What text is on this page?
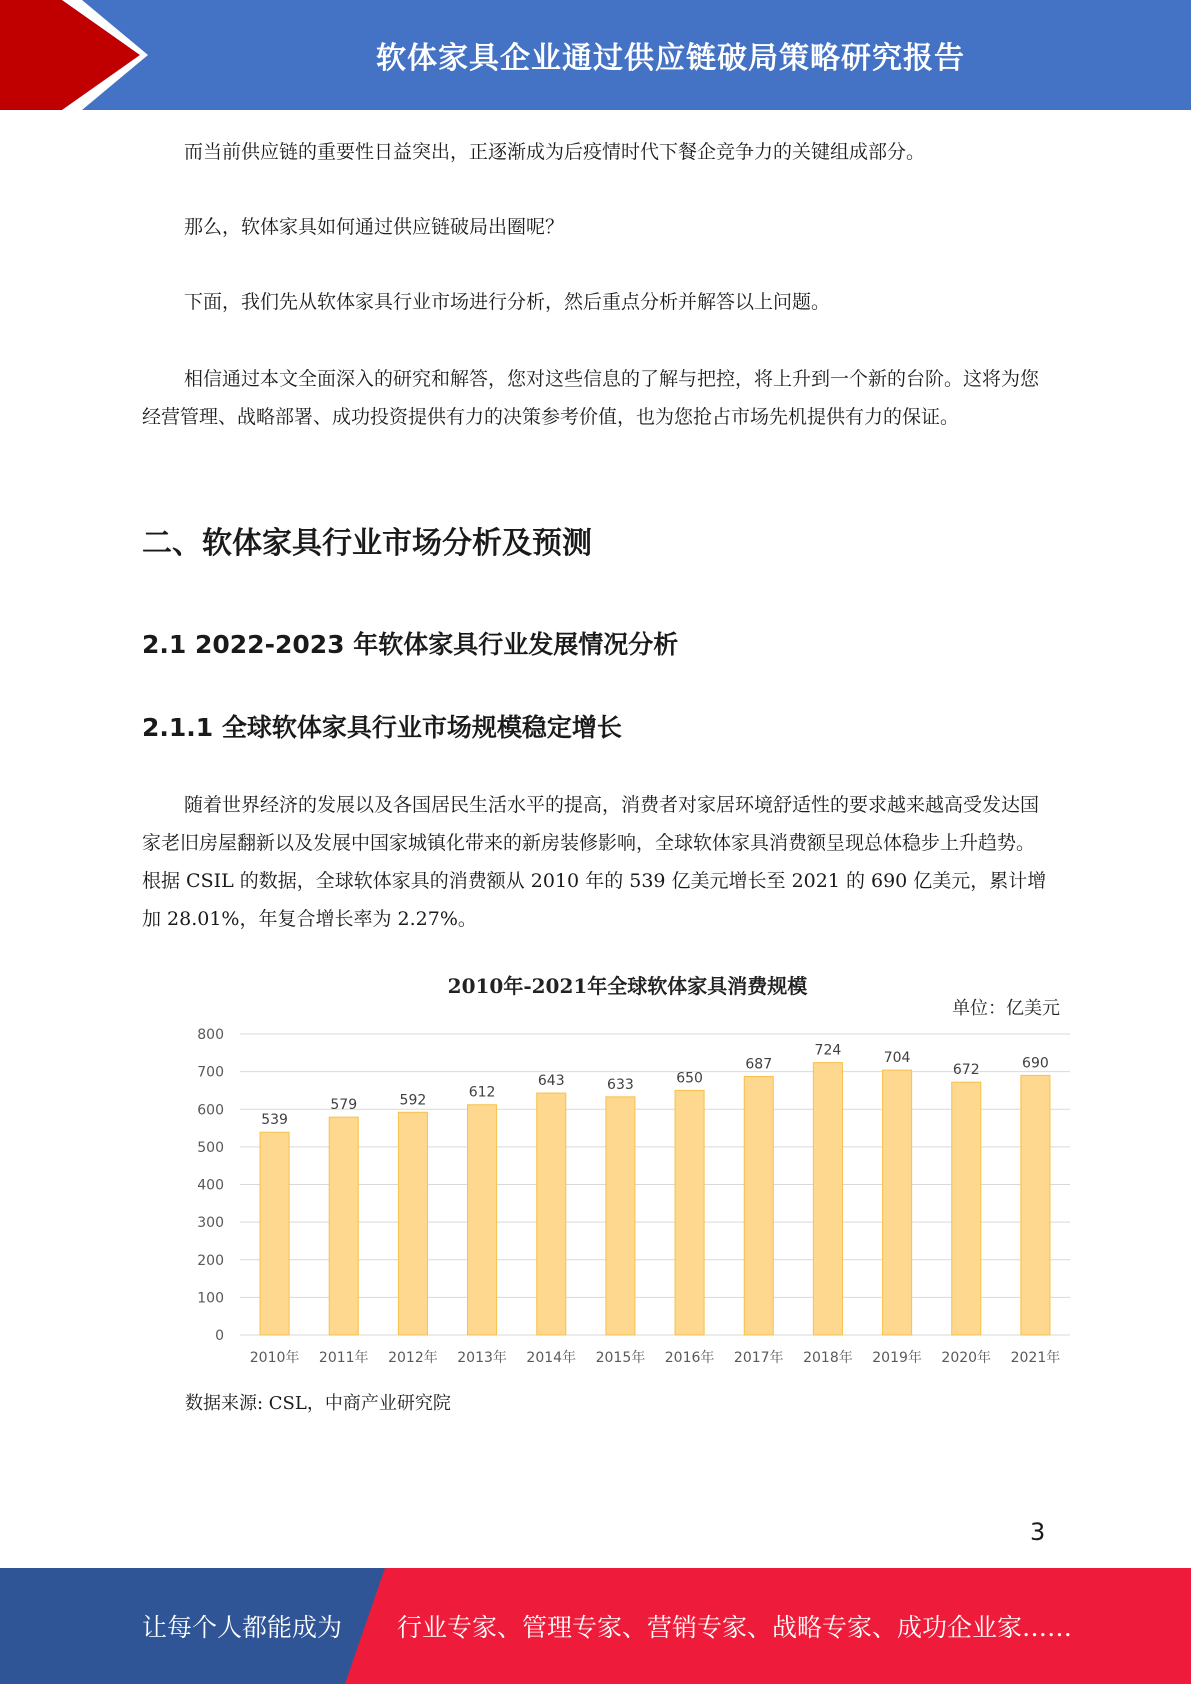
软体家具企业通过供应链破局策略研究报告

而当前供应链的重要性日益突出，正逐渐成为后疫情时代下餐企竞争力的关键组成部分。

那么，软体家具如何通过供应链破局出圈呢？

下面，我们先从软体家具行业市场进行分析，然后重点分析并解答以上问题。

相信通过本文全面深入的研究和解答，您对这些信息的了解与把控，将上升到一个新的台阶。这将为您经营管理、战略部署、成功投资提供有力的决策参考价值，也为您抢占市场先机提供有力的保证。

二、软体家具行业市场分析及预测
2.1 2022-2023 年软体家具行业发展情况分析
2.1.1 全球软体家具行业市场规模稳定增长

随着世界经济的发展以及各国居民生活水平的提高，消费者对家居环境舒适性的要求越来越高受发达国家老旧房屋翻新以及发展中国家城镇化带来的新房装修影响，全球软体家具消费额呈现总体稳步上升趋势。根据 CSIL 的数据，全球软体家具的消费额从 2010 年的 539 亿美元增长至 2021 的 690 亿美元，累计增加 28.01%，年复合增长率为 2.27%。

2010年-2021年全球软体家具消费规模
单位：亿美元
0
100
200
300
400
500
600
700
800
539
2010年
579
2011年
592
2012年
612
2013年
643
2014年
633
2015年
650
2016年
687
2017年
724
2018年
704
2019年
672
2020年
690
2021年

数据来源: CSL，中商产业研究院

3
让每个人都能成为 行业专家、管理专家、营销专家、战略专家、成功企业家……
